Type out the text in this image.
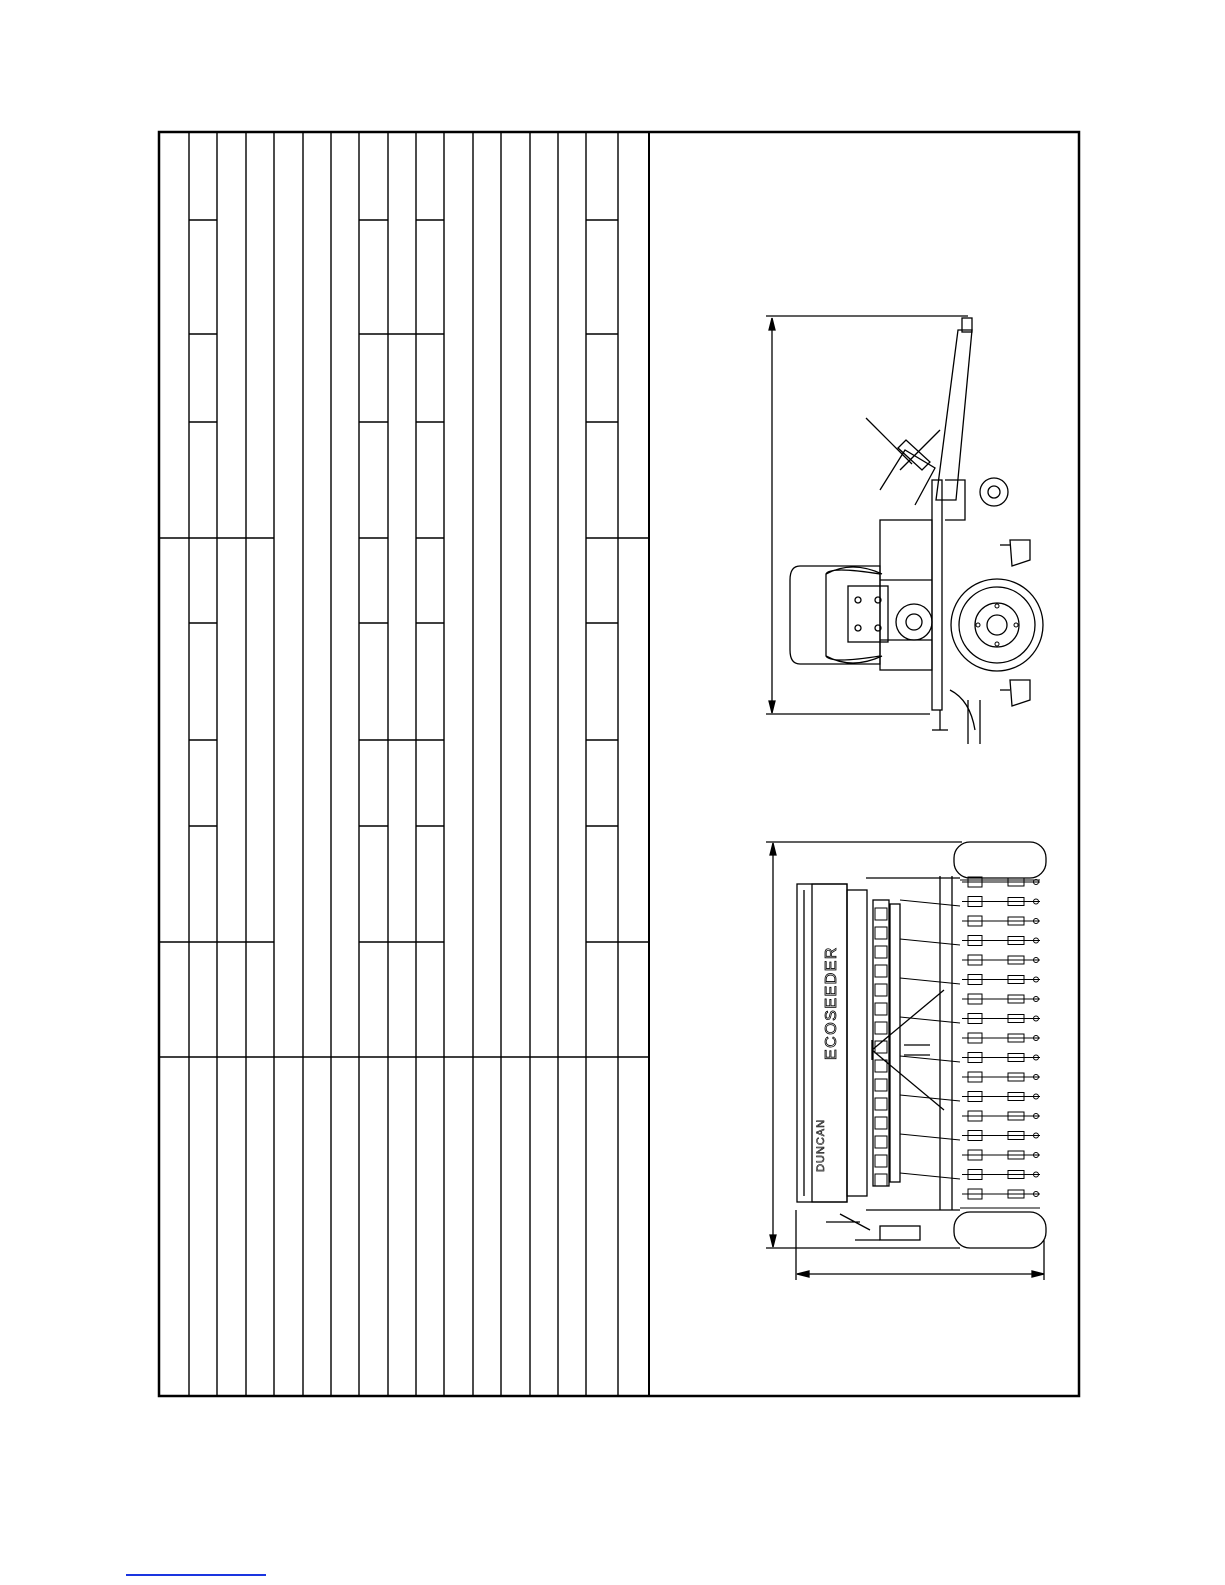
ECOSEEDER
DUNCAN
